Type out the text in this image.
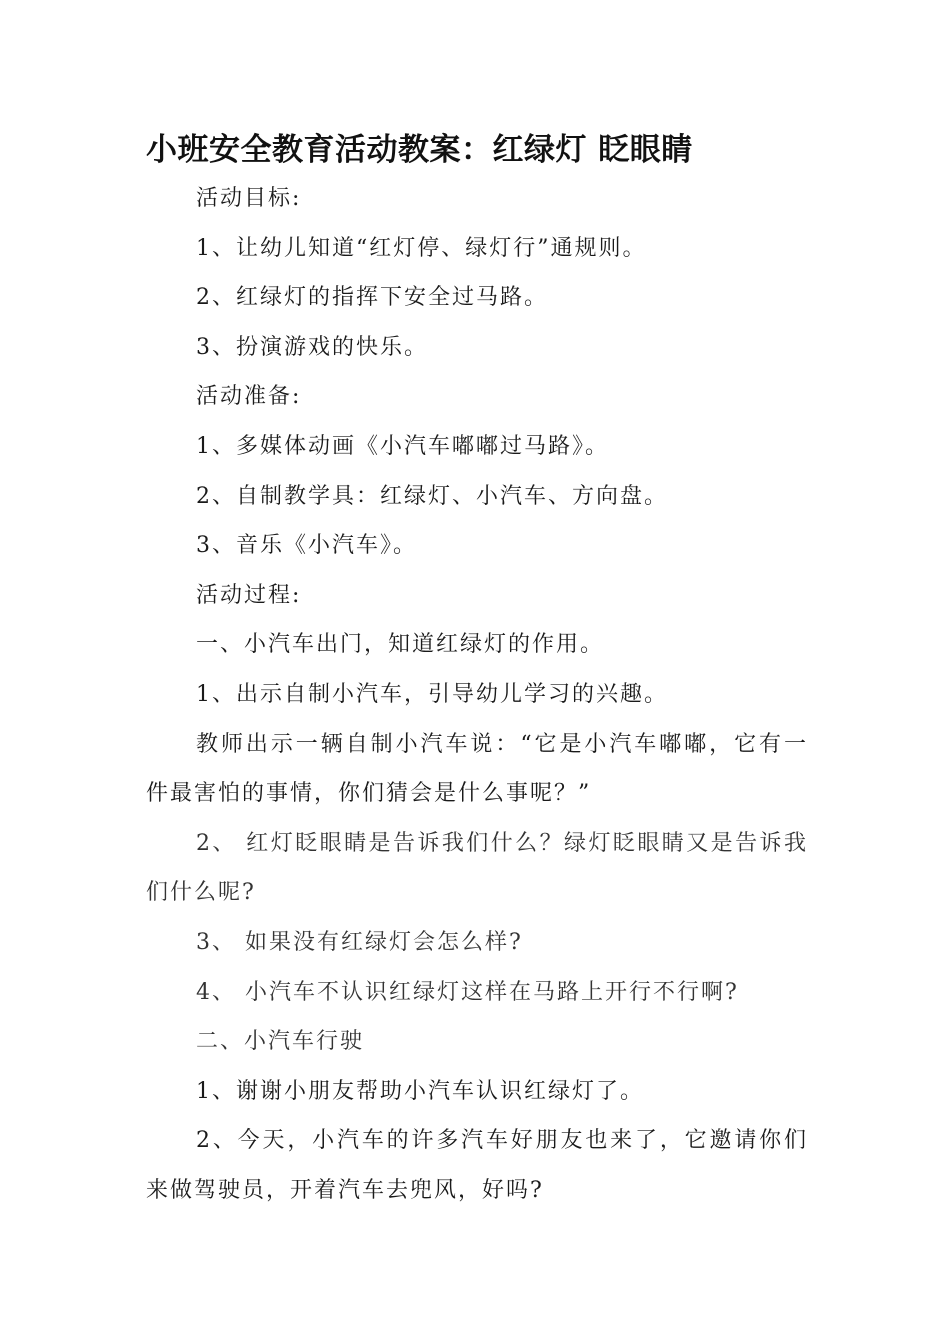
小班安全教育活动教案：红绿灯 眨眼睛

活动目标:

1、让幼儿知道“红灯停、绿灯行”通规则。

2、红绿灯的指挥下安全过马路。

3、扮演游戏的快乐。

活动准备:

1、多媒体动画《小汽车嘟嘟过马路》。

2、自制教学具：红绿灯、小汽车、方向盘。

3、音乐《小汽车》。

活动过程:

一、小汽车出门，知道红绿灯的作用。

1、出示自制小汽车，引导幼儿学习的兴趣。

教师出示一辆自制小汽车说：“它是小汽车嘟嘟，它有一件最害怕的事情，你们猜会是什么事呢？”

2、 红灯眨眼睛是告诉我们什么？绿灯眨眼睛又是告诉我们什么呢?

3、 如果没有红绿灯会怎么样?

4、 小汽车不认识红绿灯这样在马路上开行不行啊?

二、小汽车行驶

1、谢谢小朋友帮助小汽车认识红绿灯了。

2、今天，小汽车的许多汽车好朋友也来了，它邀请你们来做驾驶员，开着汽车去兜风，好吗?
